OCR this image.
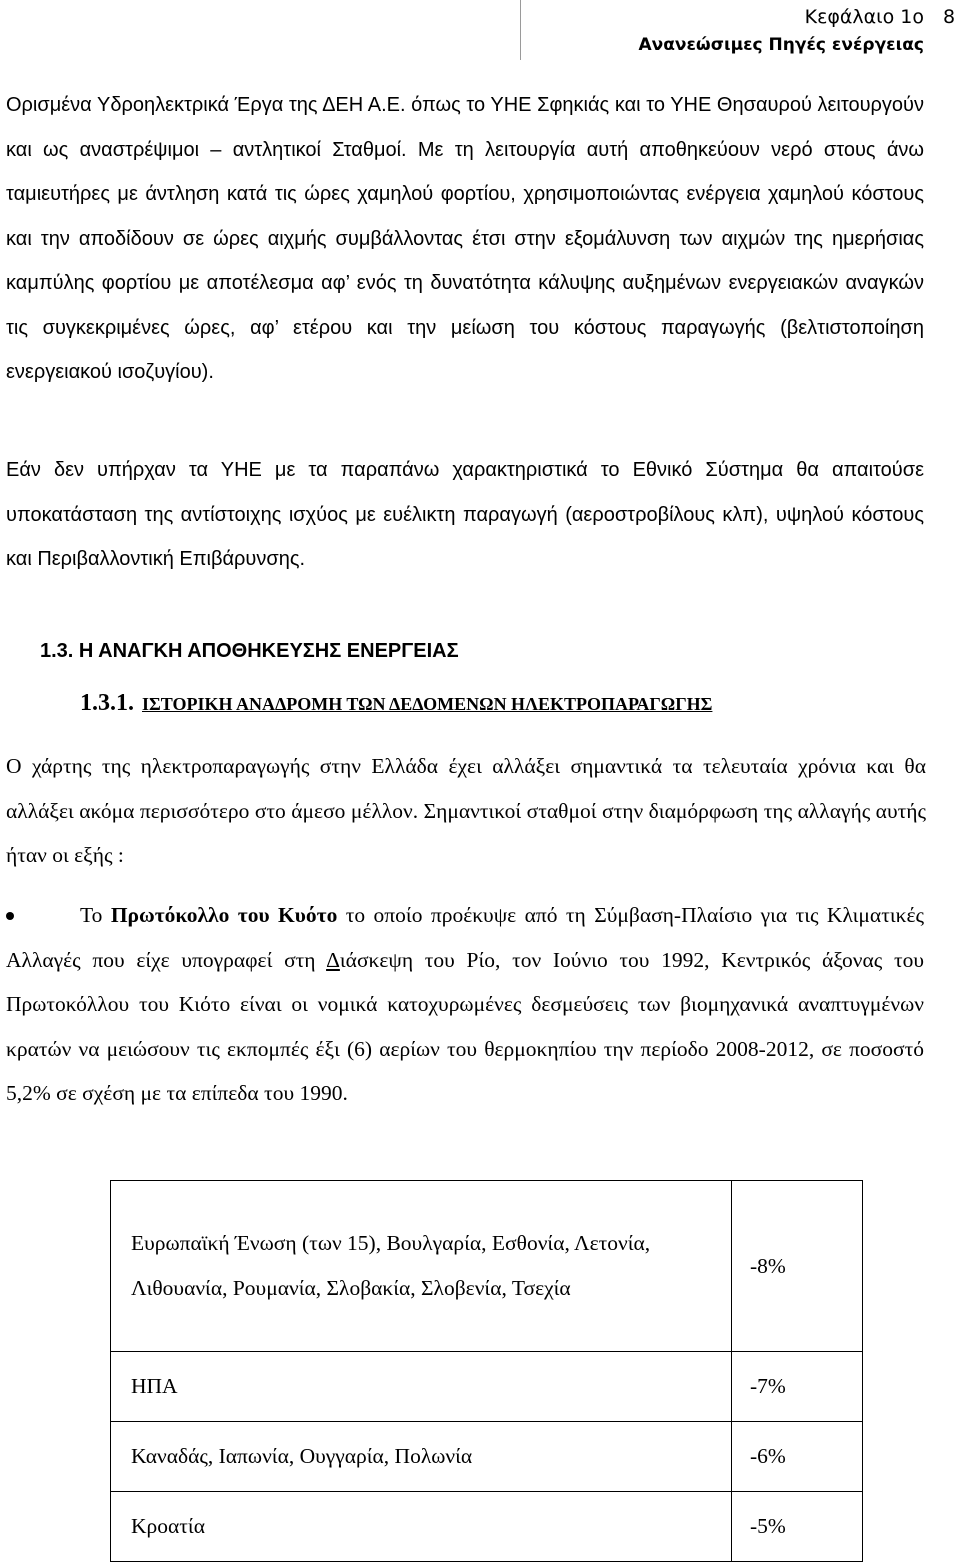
Κεφάλαιο 1ο
Ανανεώσιμες Πηγές ενέργειας
8

Ορισμένα Υδροηλεκτρικά Έργα της ΔΕΗ Α.Ε. όπως το ΥΗΕ Σφηκιάς και το ΥΗΕ Θησαυρού λειτουργούν και ως αναστρέψιμοι – αντλητικοί Σταθμοί. Με τη λειτουργία αυτή αποθηκεύουν νερό στους άνω ταμιευτήρες με άντληση κατά τις ώρες χαμηλού φορτίου, χρησιμοποιώντας ενέργεια χαμηλού κόστους και την αποδίδουν σε ώρες αιχμής συμβάλλοντας έτσι στην εξομάλυνση των αιχμών της ημερήσιας καμπύλης φορτίου με αποτέλεσμα αφ’ ενός τη δυνατότητα κάλυψης αυξημένων ενεργειακών αναγκών τις συγκεκριμένες ώρες, αφ’ ετέρου και την μείωση του κόστους παραγωγής (βελτιστοποίηση ενεργειακού ισοζυγίου).

Εάν δεν υπήρχαν τα ΥΗΕ με τα παραπάνω χαρακτηριστικά το Εθνικό Σύστημα θα απαιτούσε υποκατάσταση της αντίστοιχης ισχύος με ευέλικτη παραγωγή (αεροστροβίλους κλπ), υψηλού κόστους και Περιβαλλοντική Επιβάρυνσης.

1.3. Η ΑΝΑΓΚΗ ΑΠΟΘΗΚΕΥΣΗΣ ΕΝΕΡΓΕΙΑΣ
1.3.1. ΙΣΤΟΡΙΚΗ ΑΝΑΔΡΟΜΗ ΤΩΝ ΔΕΔΟΜΕΝΩΝ ΗΛΕΚΤΡΟΠΑΡΑΓΩΓΗΣ

Ο χάρτης της ηλεκτροπαραγωγής στην Ελλάδα έχει αλλάξει σημαντικά τα τελευταία χρόνια και θα αλλάξει ακόμα περισσότερο στο άμεσο μέλλον. Σημαντικοί σταθμοί στην διαμόρφωση της αλλαγής αυτής ήταν οι εξής :

Το Πρωτόκολλο του Κυότο το οποίο προέκυψε από τη Σύμβαση-Πλαίσιο για τις Κλιματικές Αλλαγές που είχε υπογραφεί στη Διάσκεψη του Ρίο, τον Ιούνιο του 1992, Κεντρικός άξονας του Πρωτοκόλλου του Κιότο είναι οι νομικά κατοχυρωμένες δεσμεύσεις των βιομηχανικά αναπτυγμένων κρατών να μειώσουν τις εκπομπές έξι (6) αερίων του θερμοκηπίου την περίοδο 2008-2012, σε ποσοστό 5,2% σε σχέση με τα επίπεδα του 1990.

Ευρωπαϊκή Ένωση (των 15), Βουλγαρία, Εσθονία, Λετονία, Λιθουανία, Ρουμανία, Σλοβακία, Σλοβενία, Τσεχία	-8%
ΗΠΑ	-7%
Καναδάς, Ιαπωνία, Ουγγαρία, Πολωνία	-6%
Κροατία	-5%
